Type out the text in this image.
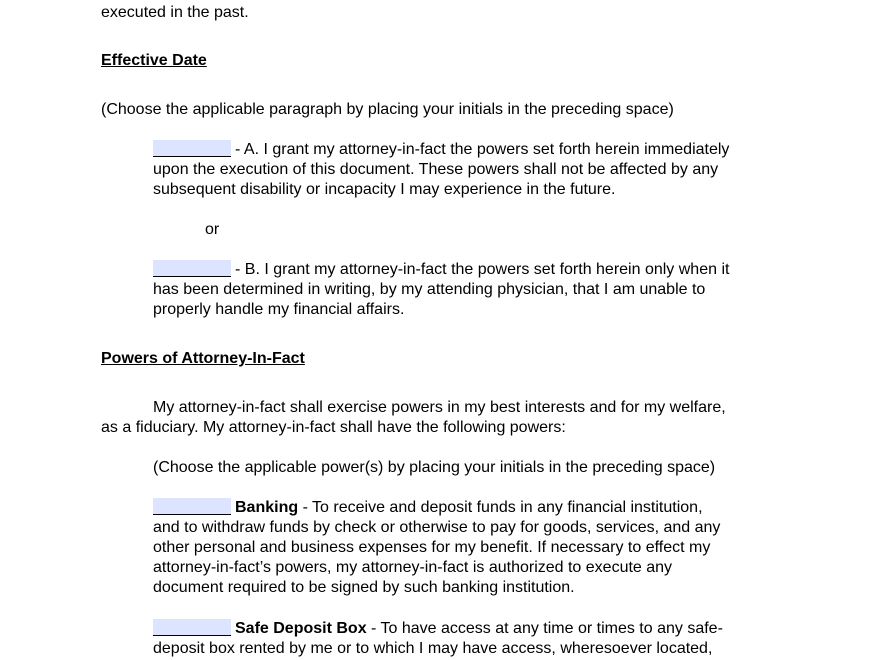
executed in the past.
Effective Date
(Choose the applicable paragraph by placing your initials in the preceding space)
- A. I grant my attorney-in-fact the powers set forth herein immediately
upon the execution of this document. These powers shall not be affected by any
subsequent disability or incapacity I may experience in the future.
or
- B. I grant my attorney-in-fact the powers set forth herein only when it
has been determined in writing, by my attending physician, that I am unable to
properly handle my financial affairs.
Powers of Attorney-In-Fact
My attorney-in-fact shall exercise powers in my best interests and for my welfare,
as a fiduciary. My attorney-in-fact shall have the following powers:
(Choose the applicable power(s) by placing your initials in the preceding space)
Banking - To receive and deposit funds in any financial institution,
and to withdraw funds by check or otherwise to pay for goods, services, and any
other personal and business expenses for my benefit. If necessary to effect my
attorney-in-fact’s powers, my attorney-in-fact is authorized to execute any
document required to be signed by such banking institution.
Safe Deposit Box - To have access at any time or times to any safe-
deposit box rented by me or to which I may have access, wheresoever located,
